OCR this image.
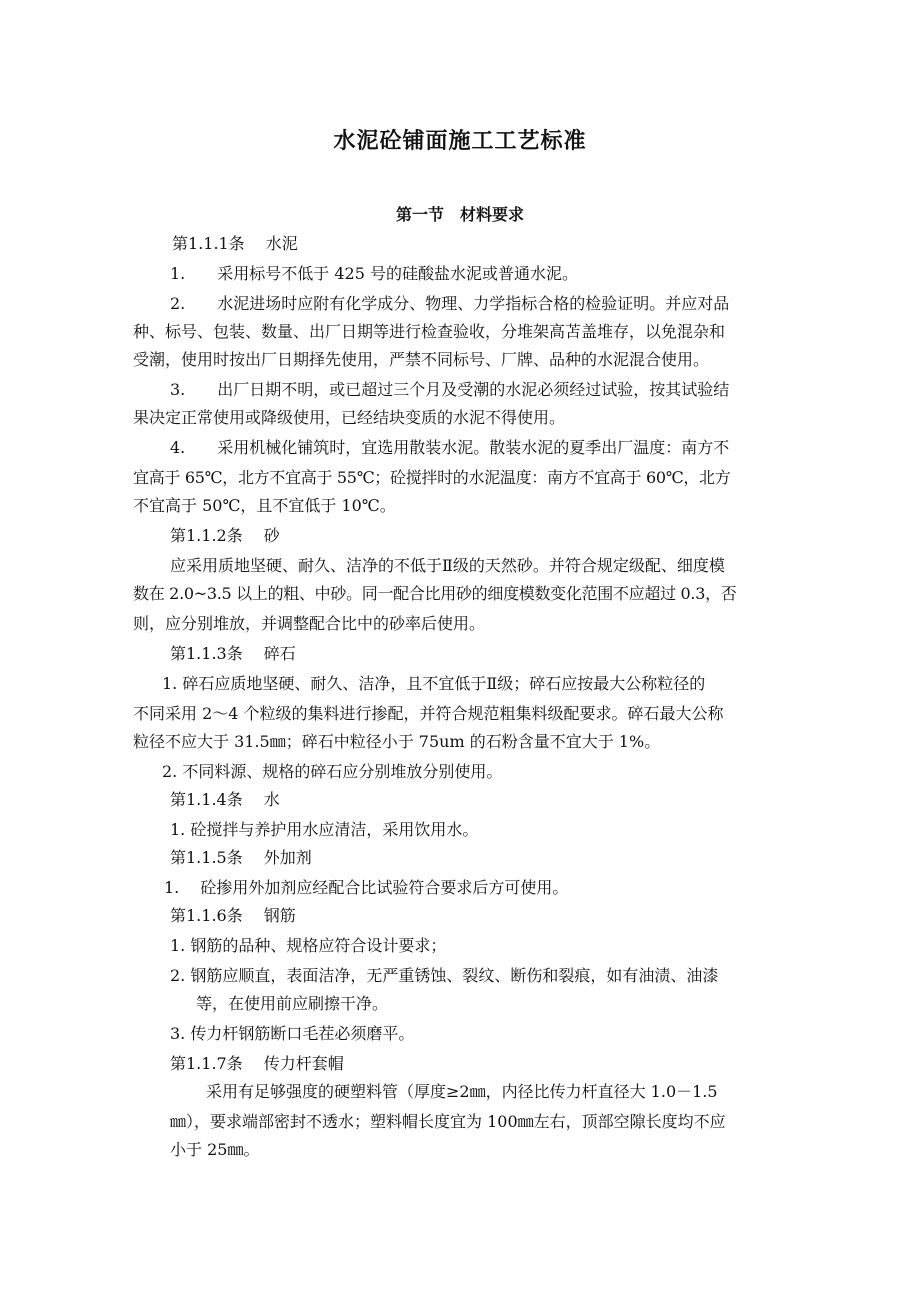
水泥砼铺面施工工艺标准
第一节　材料要求
第1.1.1条　 水泥
1.　　采用标号不低于 425 号的硅酸盐水泥或普通水泥。
2.　　水泥进场时应附有化学成分、物理、力学指标合格的检验证明。并应对品
种、标号、包装、数量、出厂日期等进行检查验收，分堆架高苫盖堆存，以免混杂和
受潮，使用时按出厂日期择先使用，严禁不同标号、厂牌、品种的水泥混合使用。
3.　　出厂日期不明，或已超过三个月及受潮的水泥必须经过试验，按其试验结
果决定正常使用或降级使用，已经结块变质的水泥不得使用。
4.　　采用机械化铺筑时，宜选用散装水泥。散装水泥的夏季出厂温度：南方不
宜高于 65℃，北方不宜高于 55℃；砼搅拌时的水泥温度：南方不宜高于 60℃，北方
不宜高于 50℃，且不宜低于 10℃。
第1.1.2条　 砂
应采用质地坚硬、耐久、洁净的不低于Ⅱ级的天然砂。并符合规定级配、细度模
数在 2.0~3.5 以上的粗、中砂。同一配合比用砂的细度模数变化范围不应超过 0.3，否
则，应分别堆放，并调整配合比中的砂率后使用。
第1.1.3条　 碎石
1. 碎石应质地坚硬、耐久、洁净，且不宜低于Ⅱ级；碎石应按最大公称粒径的
不同采用 2～4 个粒级的集料进行掺配，并符合规范粗集料级配要求。碎石最大公称
粒径不应大于 31.5㎜；碎石中粒径小于 75um 的石粉含量不宜大于 1%。
2. 不同料源、规格的碎石应分别堆放分别使用。
第1.1.4条　 水
1. 砼搅拌与养护用水应清洁，采用饮用水。
第1.1.5条　 外加剂
1.　 砼掺用外加剂应经配合比试验符合要求后方可使用。
第1.1.6条　 钢筋
1. 钢筋的品种、规格应符合设计要求；
2. 钢筋应顺直，表面洁净，无严重锈蚀、裂纹、断伤和裂痕，如有油渍、油漆
等，在使用前应刷擦干净。
3. 传力杆钢筋断口毛茬必须磨平。
第1.1.7条　 传力杆套帽
采用有足够强度的硬塑料管（厚度≥2㎜，内径比传力杆直径大 1.0－1.5
㎜），要求端部密封不透水；塑料帽长度宜为 100㎜左右，顶部空隙长度均不应
小于 25㎜。
